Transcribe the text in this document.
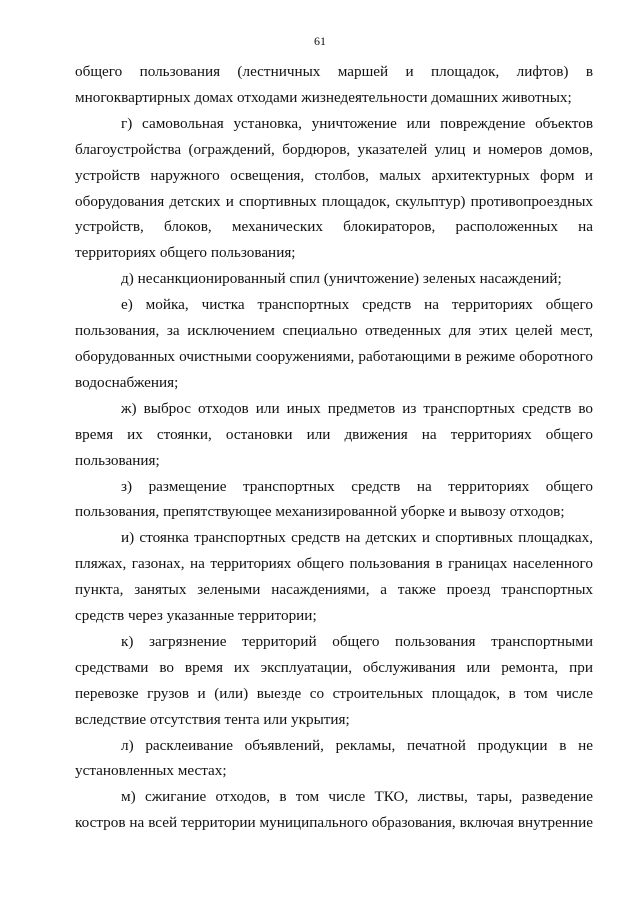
61

общего пользования (лестничных маршей и площадок, лифтов) в многоквартирных домах отходами жизнедеятельности домашних животных;

г) самовольная установка, уничтожение или повреждение объектов благоустройства (ограждений, бордюров, указателей улиц и номеров домов, устройств наружного освещения, столбов, малых архитектурных форм и оборудования детских и спортивных площадок, скульптур) противопроездных устройств, блоков, механических блокираторов, расположенных на территориях общего пользования;

д) несанкционированный спил (уничтожение) зеленых насаждений;

е) мойка, чистка транспортных средств на территориях общего пользования, за исключением специально отведенных для этих целей мест, оборудованных очистными сооружениями, работающими в режиме оборотного водоснабжения;

ж) выброс отходов или иных предметов из транспортных средств во время их стоянки, остановки или движения на территориях общего пользования;

з) размещение транспортных средств на территориях общего пользования, препятствующее механизированной уборке и вывозу отходов;

и) стоянка транспортных средств на детских и спортивных площадках, пляжах, газонах, на территориях общего пользования в границах населенного пункта, занятых зелеными насаждениями, а также проезд транспортных средств через указанные территории;

к) загрязнение территорий общего пользования транспортными средствами во время их эксплуатации, обслуживания или ремонта, при перевозке грузов и (или) выезде со строительных площадок, в том числе вследствие отсутствия тента или укрытия;

л) расклеивание объявлений, рекламы, печатной продукции в не установленных местах;

м) сжигание отходов, в том числе ТКО, листвы, тары, разведение костров на всей территории муниципального образования, включая внутренние
